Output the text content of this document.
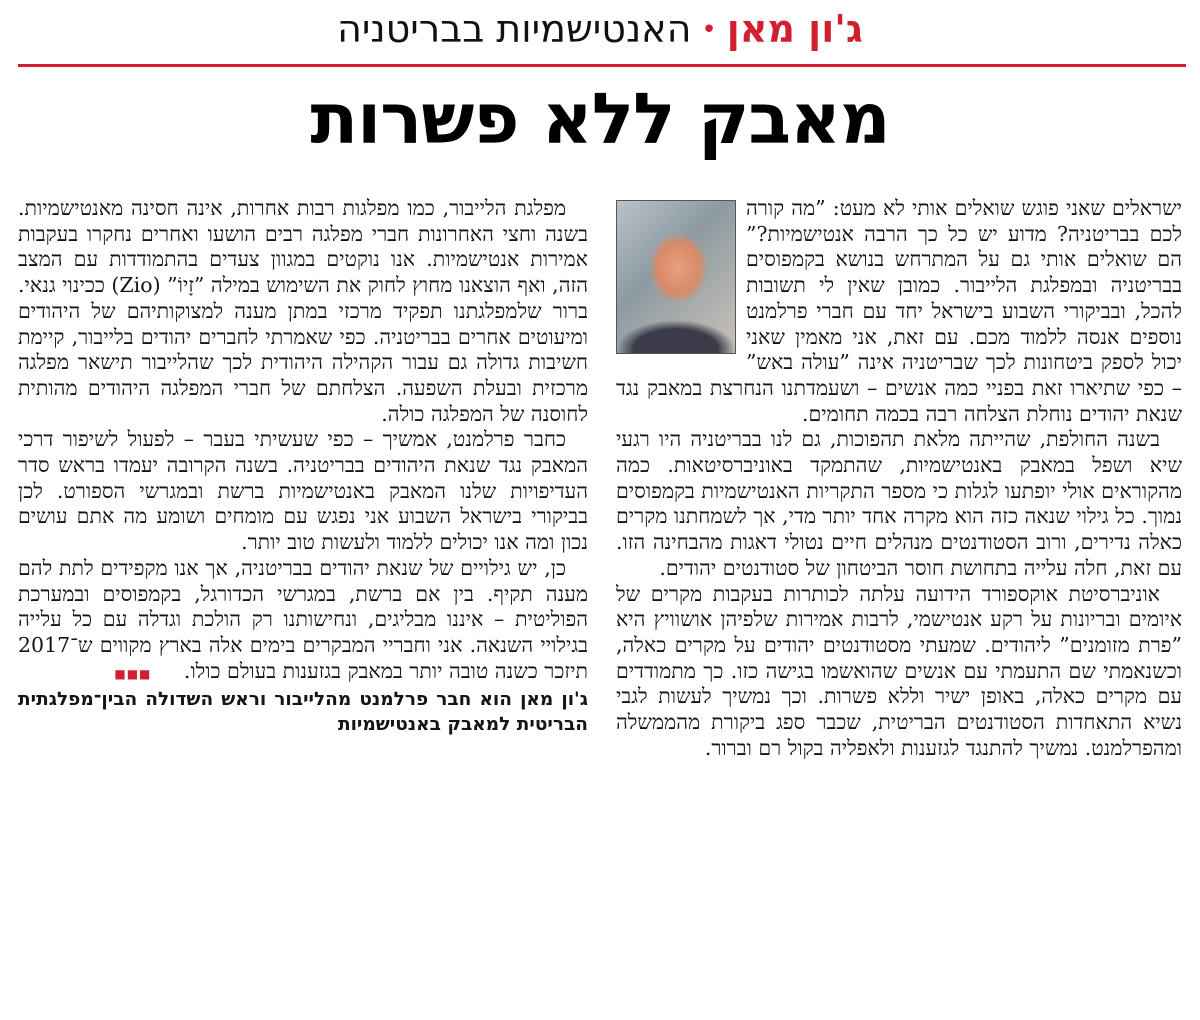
ג'ון מאן•האנטישמיות בבריטניה
מאבק ללא פשרות

ישראלים שאני פוגש שואלים אותי לא מעט: ”מה קורה לכם בבריטניה? מדוע יש כל כך הרבה אנטישמיות?” הם שואלים אותי גם על המתרחש בנושא בקמפוסים בבריטניה ובמפלגת הלייבור. כמובן שאין לי תשובות להכל, ובביקורי השבוע בישראל יחד עם חברי פרלמנט נוספים אנסה ללמוד מכם. עם זאת, אני מאמין שאני יכול לספק ביטחונות לכך שבריטניה אינה ”עולה באש” – כפי שתיארו זאת בפניי כמה אנשים – ושעמדתנו הנחרצת במאבק נגד שנאת יהודים נוחלת הצלחה רבה בכמה תחומים.

בשנה החולפת, שהייתה מלאת תהפוכות, גם לנו בבריטניה היו רגעי שיא ושפל במאבק באנטישמיות, שהתמקד באוניברסיטאות. כמה מהקוראים אולי יופתעו לגלות כי מספר התקריות האנטישמיות בקמפוסים נמוך. כל גילוי שנאה כזה הוא מקרה אחד יותר מדי, אך לשמחתנו מקרים כאלה נדירים, ורוב הסטודנטים מנהלים חיים נטולי דאגות מהבחינה הזו. עם זאת, חלה עלייה בתחושת חוסר הביטחון של סטודנטים יהודים.

אוניברסיטת אוקספורד הידועה עלתה לכותרות בעקבות מקרים של איומים ובריונות על רקע אנטישמי, לרבות אמירות שלפיהן אושוויץ היא ”פרת מזומנים” ליהודים. שמעתי מסטודנטים יהודים על מקרים כאלה, וכשנאמתי שם התעמתי עם אנשים שהואשמו בגישה כזו. כך מתמודדים עם מקרים כאלה, באופן ישיר וללא פשרות. וכך נמשיך לעשות לגבי נשיא התאחדות הסטודנטים הבריטית, שכבר ספג ביקורת מהממשלה ומהפרלמנט. נמשיך להתנגד לגזענות ולאפליה בקול רם וברור.

מפלגת הלייבור, כמו מפלגות רבות אחרות, אינה חסינה מאנטישמיות. בשנה וחצי האחרונות חברי מפלגה רבים הושעו ואחרים נחקרו בעקבות אמירות אנטישמיות. אנו נוקטים במגוון צעדים בהתמודדות עם המצב הזה, ואף הוצאנו מחוץ לחוק את השימוש במילה ”זָיוֹ” (Zio) ככינוי גנאי. ברור שלמפלגתנו תפקיד מרכזי במתן מענה למצוקותיהם של היהודים ומיעוטים אחרים בבריטניה. כפי שאמרתי לחברים יהודים בלייבור, קיימת חשיבות גדולה גם עבור הקהילה היהודית לכך שהלייבור תישאר מפלגה מרכזית ובעלת השפעה. הצלחתם של חברי המפלגה היהודים מהותית לחוסנה של המפלגה כולה.

כחבר פרלמנט, אמשיך – כפי שעשיתי בעבר – לפעול לשיפור דרכי המאבק נגד שנאת היהודים בבריטניה. בשנה הקרובה יעמדו בראש סדר העדיפויות שלנו המאבק באנטישמיות ברשת ובמגרשי הספורט. לכן בביקורי בישראל השבוע אני נפגש עם מומחים ושומע מה אתם עושים נכון ומה אנו יכולים ללמוד ולעשות טוב יותר.

כן, יש גילויים של שנאת יהודים בבריטניה, אך אנו מקפידים לתת להם מענה תקיף. בין אם ברשת, במגרשי הכדורגל, בקמפוסים ובמערכת הפוליטית – איננו מבליגים, ונחישותנו רק הולכת וגדלה עם כל עלייה בגילויי השנאה. אני וחבריי המבקרים בימים אלה בארץ מקווים ש־2017 תיזכר כשנה טובה יותר במאבק בגזענות בעולם כולו. ■■■

ג'ון מאן הוא חבר פרלמנט מהלייבור וראש השדולה הבין־מפלגתית הבריטית למאבק באנטישמיות
